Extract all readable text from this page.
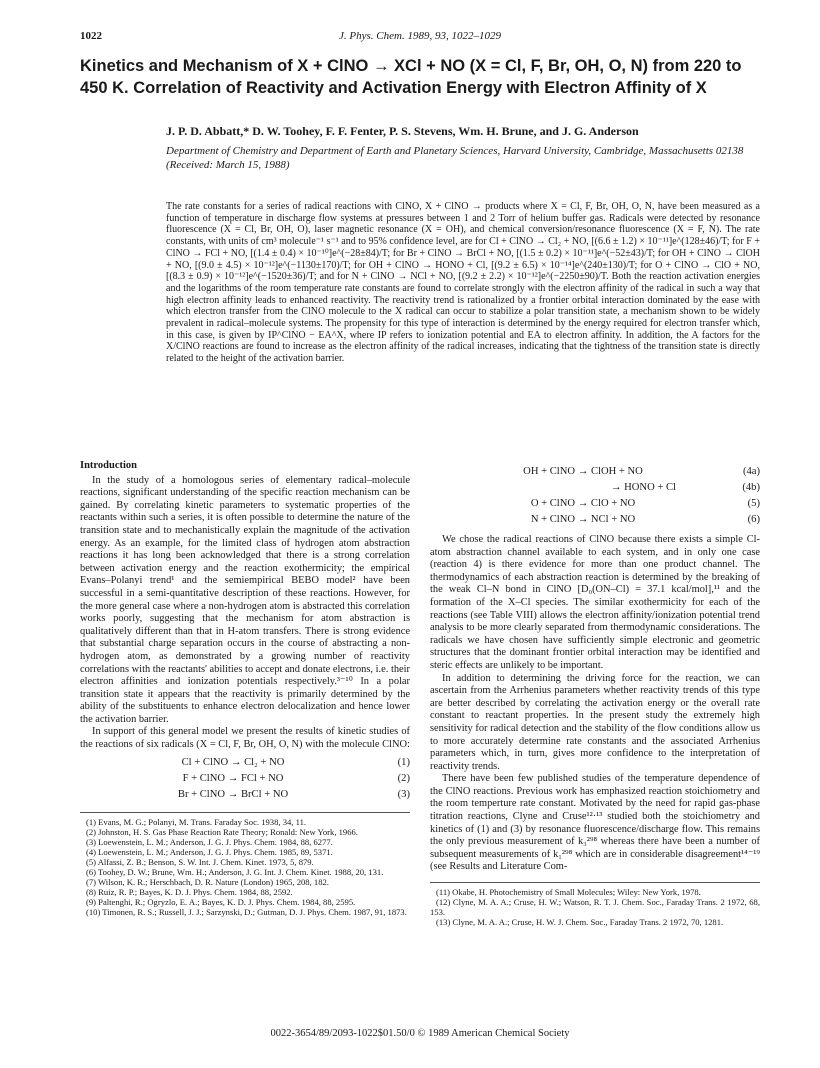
1022	J. Phys. Chem. 1989, 93, 1022–1029
Kinetics and Mechanism of X + ClNO → XCl + NO (X = Cl, F, Br, OH, O, N) from 220 to 450 K. Correlation of Reactivity and Activation Energy with Electron Affinity of X
J. P. D. Abbatt,* D. W. Toohey, F. F. Fenter, P. S. Stevens, Wm. H. Brune, and J. G. Anderson
Department of Chemistry and Department of Earth and Planetary Sciences, Harvard University, Cambridge, Massachusetts 02138 (Received: March 15, 1988)
The rate constants for a series of radical reactions with ClNO, X + ClNO → products where X = Cl, F, Br, OH, O, N, have been measured as a function of temperature in discharge flow systems at pressures between 1 and 2 Torr of helium buffer gas. Radicals were detected by resonance fluorescence (X = Cl, Br, OH, O), laser magnetic resonance (X = OH), and chemical conversion/resonance fluorescence (X = F, N). The rate constants, with units of cm³ molecule⁻¹ s⁻¹ and to 95% confidence level, are for Cl + ClNO → Cl₂ + NO, [(6.6 ± 1.2) × 10⁻¹¹]e^(128±46)/T; for F + ClNO → FCl + NO, [(1.4 ± 0.4) × 10⁻¹⁰]e^(−28±84)/T; for Br + ClNO → BrCl + NO, [(1.5 ± 0.2) × 10⁻¹¹]e^(−52±43)/T; for OH + ClNO → ClOH + NO, [(9.0 ± 4.5) × 10⁻¹²]e^(−1130±170)/T; for OH + ClNO → HONO + Cl, [(9.2 ± 6.5) × 10⁻¹⁴]e^(240±130)/T; for O + ClNO → ClO + NO, [(8.3 ± 0.9) × 10⁻¹²]e^(−1520±36)/T; and for N + ClNO → NCl + NO, [(9.2 ± 2.2) × 10⁻¹²]e^(−2250±90)/T. Both the reaction activation energies and the logarithms of the room temperature rate constants are found to correlate strongly with the electron affinity of the radical in such a way that high electron affinity leads to enhanced reactivity. The reactivity trend is rationalized by a frontier orbital interaction dominated by the ease with which electron transfer from the ClNO molecule to the X radical can occur to stabilize a polar transition state, a mechanism shown to be widely prevalent in radical–molecule systems. The propensity for this type of interaction is determined by the energy required for electron transfer which, in this case, is given by IP^ClNO − EA^X, where IP refers to ionization potential and EA to electron affinity. In addition, the A factors for the X/ClNO reactions are found to increase as the electron affinity of the radical increases, indicating that the tightness of the transition state is directly related to the height of the activation barrier.
Introduction

In the study of a homologous series of elementary radical–molecule reactions, significant understanding of the specific reaction mechanism can be gained. By correlating kinetic parameters to systematic properties of the reactants within such a series, it is often possible to determine the nature of the transition state and to mechanistically explain the magnitude of the activation energy. As an example, for the limited class of hydrogen atom abstraction reactions it has long been acknowledged that there is a strong correlation between activation energy and the reaction exothermicity; the empirical Evans–Polanyi trend¹ and the semiempirical BEBO model² have been successful in a semi-quantitative description of these reactions. However, for the more general case where a non-hydrogen atom is abstracted this correlation works poorly, suggesting that the mechanism for atom abstraction is qualitatively different than that in H-atom transfers. There is strong evidence that substantial charge separation occurs in the course of abstracting a non-hydrogen atom, as demonstrated by a growing number of reactivity correlations with the reactants' abilities to accept and donate electrons, i.e. their electron affinities and ionization potentials respectively.³⁻¹⁰ In a polar transition state it appears that the reactivity is primarily determined by the ability of the substituents to enhance electron delocalization and hence lower the activation barrier.

In support of this general model we present the results of kinetic studies of the reactions of six radicals (X = Cl, F, Br, OH, O, N) with the molecule ClNO:

Cl + ClNO → Cl₂ + NO	(1)
F + ClNO → FCl + NO	(2)
Br + ClNO → BrCl + NO	(3)
(1) Evans, M. G.; Polanyi, M. Trans. Faraday Soc. 1938, 34, 11.
(2) Johnston, H. S. Gas Phase Reaction Rate Theory; Ronald: New York, 1966.
(3) Loewenstein, L. M.; Anderson, J. G. J. Phys. Chem. 1984, 88, 6277.
(4) Loewenstein, L. M.; Anderson, J. G. J. Phys. Chem. 1985, 89, 5371.
(5) Alfassi, Z. B.; Benson, S. W. Int. J. Chem. Kinet. 1973, 5, 879.
(6) Toohey, D. W.; Brune, Wm. H.; Anderson, J. G. Int. J. Chem. Kinet. 1988, 20, 131.
(7) Wilson, K. R.; Herschbach, D. R. Nature (London) 1965, 208, 182.
(8) Ruiz, R. P.; Bayes, K. D. J. Phys. Chem. 1984, 88, 2592.
(9) Paltenghi, R.; Ogryzlo, E. A.; Bayes, K. D. J. Phys. Chem. 1984, 88, 2595.
(10) Timonen, R. S.; Russell, J. J.; Sarzynski, D.; Gutman, D. J. Phys. Chem. 1987, 91, 1873.
OH + ClNO → ClOH + NO	(4a)
→ HONO + Cl	(4b)
O + ClNO → ClO + NO	(5)
N + ClNO → NCl + NO	(6)

We chose the radical reactions of ClNO because there exists a simple Cl-atom abstraction channel available to each system, and in only one case (reaction 4) is there evidence for more than one product channel. The thermodynamics of each abstraction reaction is determined by the breaking of the weak Cl–N bond in ClNO [D₀(ON–Cl) = 37.1 kcal/mol],¹¹ and the formation of the X–Cl species. The similar exothermicity for each of the reactions (see Table VIII) allows the electron affinity/ionization potential trend analysis to be more clearly separated from thermodynamic considerations. The radicals we have chosen have sufficiently simple electronic and geometric structures that the dominant frontier orbital interaction may be identified and steric effects are unlikely to be important.

In addition to determining the driving force for the reaction, we can ascertain from the Arrhenius parameters whether reactivity trends of this type are better described by correlating the activation energy or the overall rate constant to reactant properties. In the present study the extremely high sensitivity for radical detection and the stability of the flow conditions allow us to more accurately determine rate constants and the associated Arrhenius parameters which, in turn, gives more confidence to the interpretation of reactivity trends.

There have been few published studies of the temperature dependence of the ClNO reactions. Previous work has emphasized reaction stoichiometry and the room temperture rate constant. Motivated by the need for rapid gas-phase titration reactions, Clyne and Cruse¹²·¹³ studied both the stoichiometry and kinetics of (1) and (3) by resonance fluorescence/discharge flow. This remains the only previous measurement of k₃²⁹⁸ whereas there have been a number of subsequent measurements of k₁²⁹⁸ which are in considerable disagreement¹⁴⁻¹⁹ (see Results and Literature Com-

(11) Okabe, H. Photochemistry of Small Molecules; Wiley: New York, 1978.
(12) Clyne, M. A. A.; Cruse, H. W.; Watson, R. T. J. Chem. Soc., Faraday Trans. 2 1972, 68, 153.
(13) Clyne, M. A. A.; Cruse, H. W. J. Chem. Soc., Faraday Trans. 2 1972, 70, 1281.
0022-3654/89/2093-1022$01.50/0 © 1989 American Chemical Society
